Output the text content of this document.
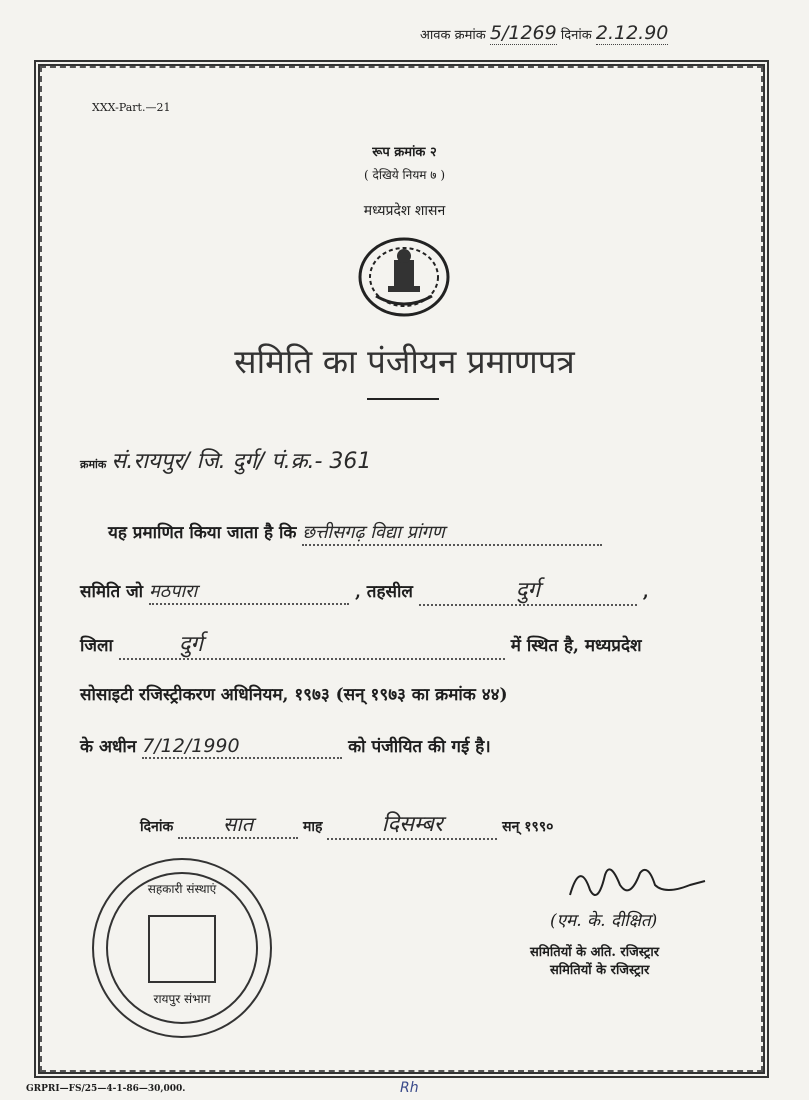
आवक क्रमांक 5/1269 दिनांक 2.12.90
XXX-Part.—21
रूप क्रमांक २
( देखिये नियम ७ )
मध्यप्रदेश शासन
समिति का पंजीयन प्रमाणपत्र
क्रमांक सं.रायपुर/ जि. दुर्ग/ पं.क्र.- 361
यह प्रमाणित किया जाता है कि छत्तीसगढ़ विद्या प्रांगण
समिति जो मठपारा	, तहसील	दुर्ग	,
जिला	दुर्ग	में स्थित है, मध्यप्रदेश
सोसाइटी रजिस्ट्रीकरण अधिनियम, १९७३ (सन् १९७३ का क्रमांक ४४)
के अधीन 7/12/1990	को पंजीयित की गई है।
दिनांक सात	माह	दिसम्बर	सन् १९९०
सहकारी संस्थाएं
रायपुर संभाग
(एम. के. दीक्षित)
समितियों के अति. रजिस्ट्रार
समितियों के रजिस्ट्रार
GRPRI—FS/25—4-1-86—30,000.	Rh
